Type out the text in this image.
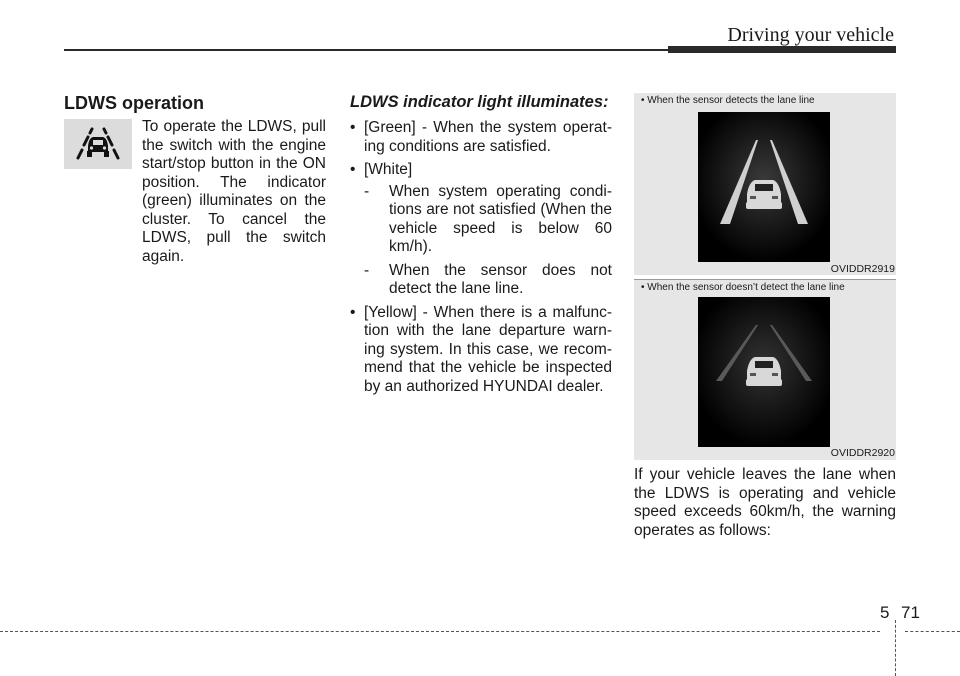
Driving your vehicle
LDWS operation

To operate the LDWS, pull the switch with the engine start/stop button in the ON position. The indicator (green) illuminates on the cluster. To cancel the LDWS, pull the switch again.

LDWS indicator light illuminates:

• [Green] - When the system operat-ing conditions are satisfied.
• [White]
- When system operating condi-tions are not satisfied (When the vehicle speed is below 60 km/h).
- When the sensor does not detect the lane line.
• [Yellow] - When there is a malfunc-tion with the lane departure warn-ing system. In this case, we recom-mend that the vehicle be inspected by an authorized HYUNDAI dealer.
• When the sensor detects the lane line
OVIDDR2919
• When the sensor doesn’t detect the lane line
OVIDDR2920

If your vehicle leaves the lane when the LDWS is operating and vehicle speed exceeds 60km/h, the warning operates as follows:

5 71
